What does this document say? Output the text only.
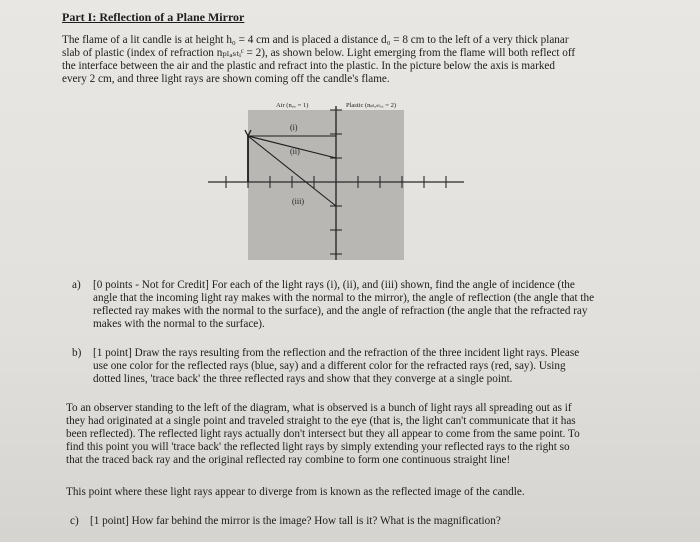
Part I: Reflection of a Plane Mirror
The flame of a lit candle is at height h₀ = 4 cm and is placed a distance d₀ = 8 cm to the left of a very thick planar
slab of plastic (index of refraction nₚₗₐₛₜᵢᶜ = 2), as shown below. Light emerging from the flame will both reflect off
the interface between the air and the plastic and refract into the plastic. In the picture below the axis is marked
every 2 cm, and three light rays are shown coming off the candle's flame.
Air (nₐᵢᵣ = 1)	Plastic (nₚₗₐₛₜᵢ꜀ = 2)
(i)
(ii)
(iii)
a) [0 points - Not for Credit] For each of the light rays (i), (ii), and (iii) shown, find the angle of incidence (the
angle that the incoming light ray makes with the normal to the mirror), the angle of reflection (the angle that the
reflected ray makes with the normal to the surface), and the angle of refraction (the angle that the refracted ray
makes with the normal to the surface).
b) [1 point] Draw the rays resulting from the reflection and the refraction of the three incident light rays. Please
use one color for the reflected rays (blue, say) and a different color for the refracted rays (red, say). Using
dotted lines, 'trace back' the three reflected rays and show that they converge at a single point.
To an observer standing to the left of the diagram, what is observed is a bunch of light rays all spreading out as if
they had originated at a single point and traveled straight to the eye (that is, the light can't communicate that it has
been reflected). The reflected light rays actually don't intersect but they all appear to come from the same point. To
find this point you will 'trace back' the reflected light rays by simply extending your reflected rays to the right so
that the traced back ray and the original reflected ray combine to form one continuous straight line!
This point where these light rays appear to diverge from is known as the reflected image of the candle.
c) [1 point] How far behind the mirror is the image? How tall is it? What is the magnification?
